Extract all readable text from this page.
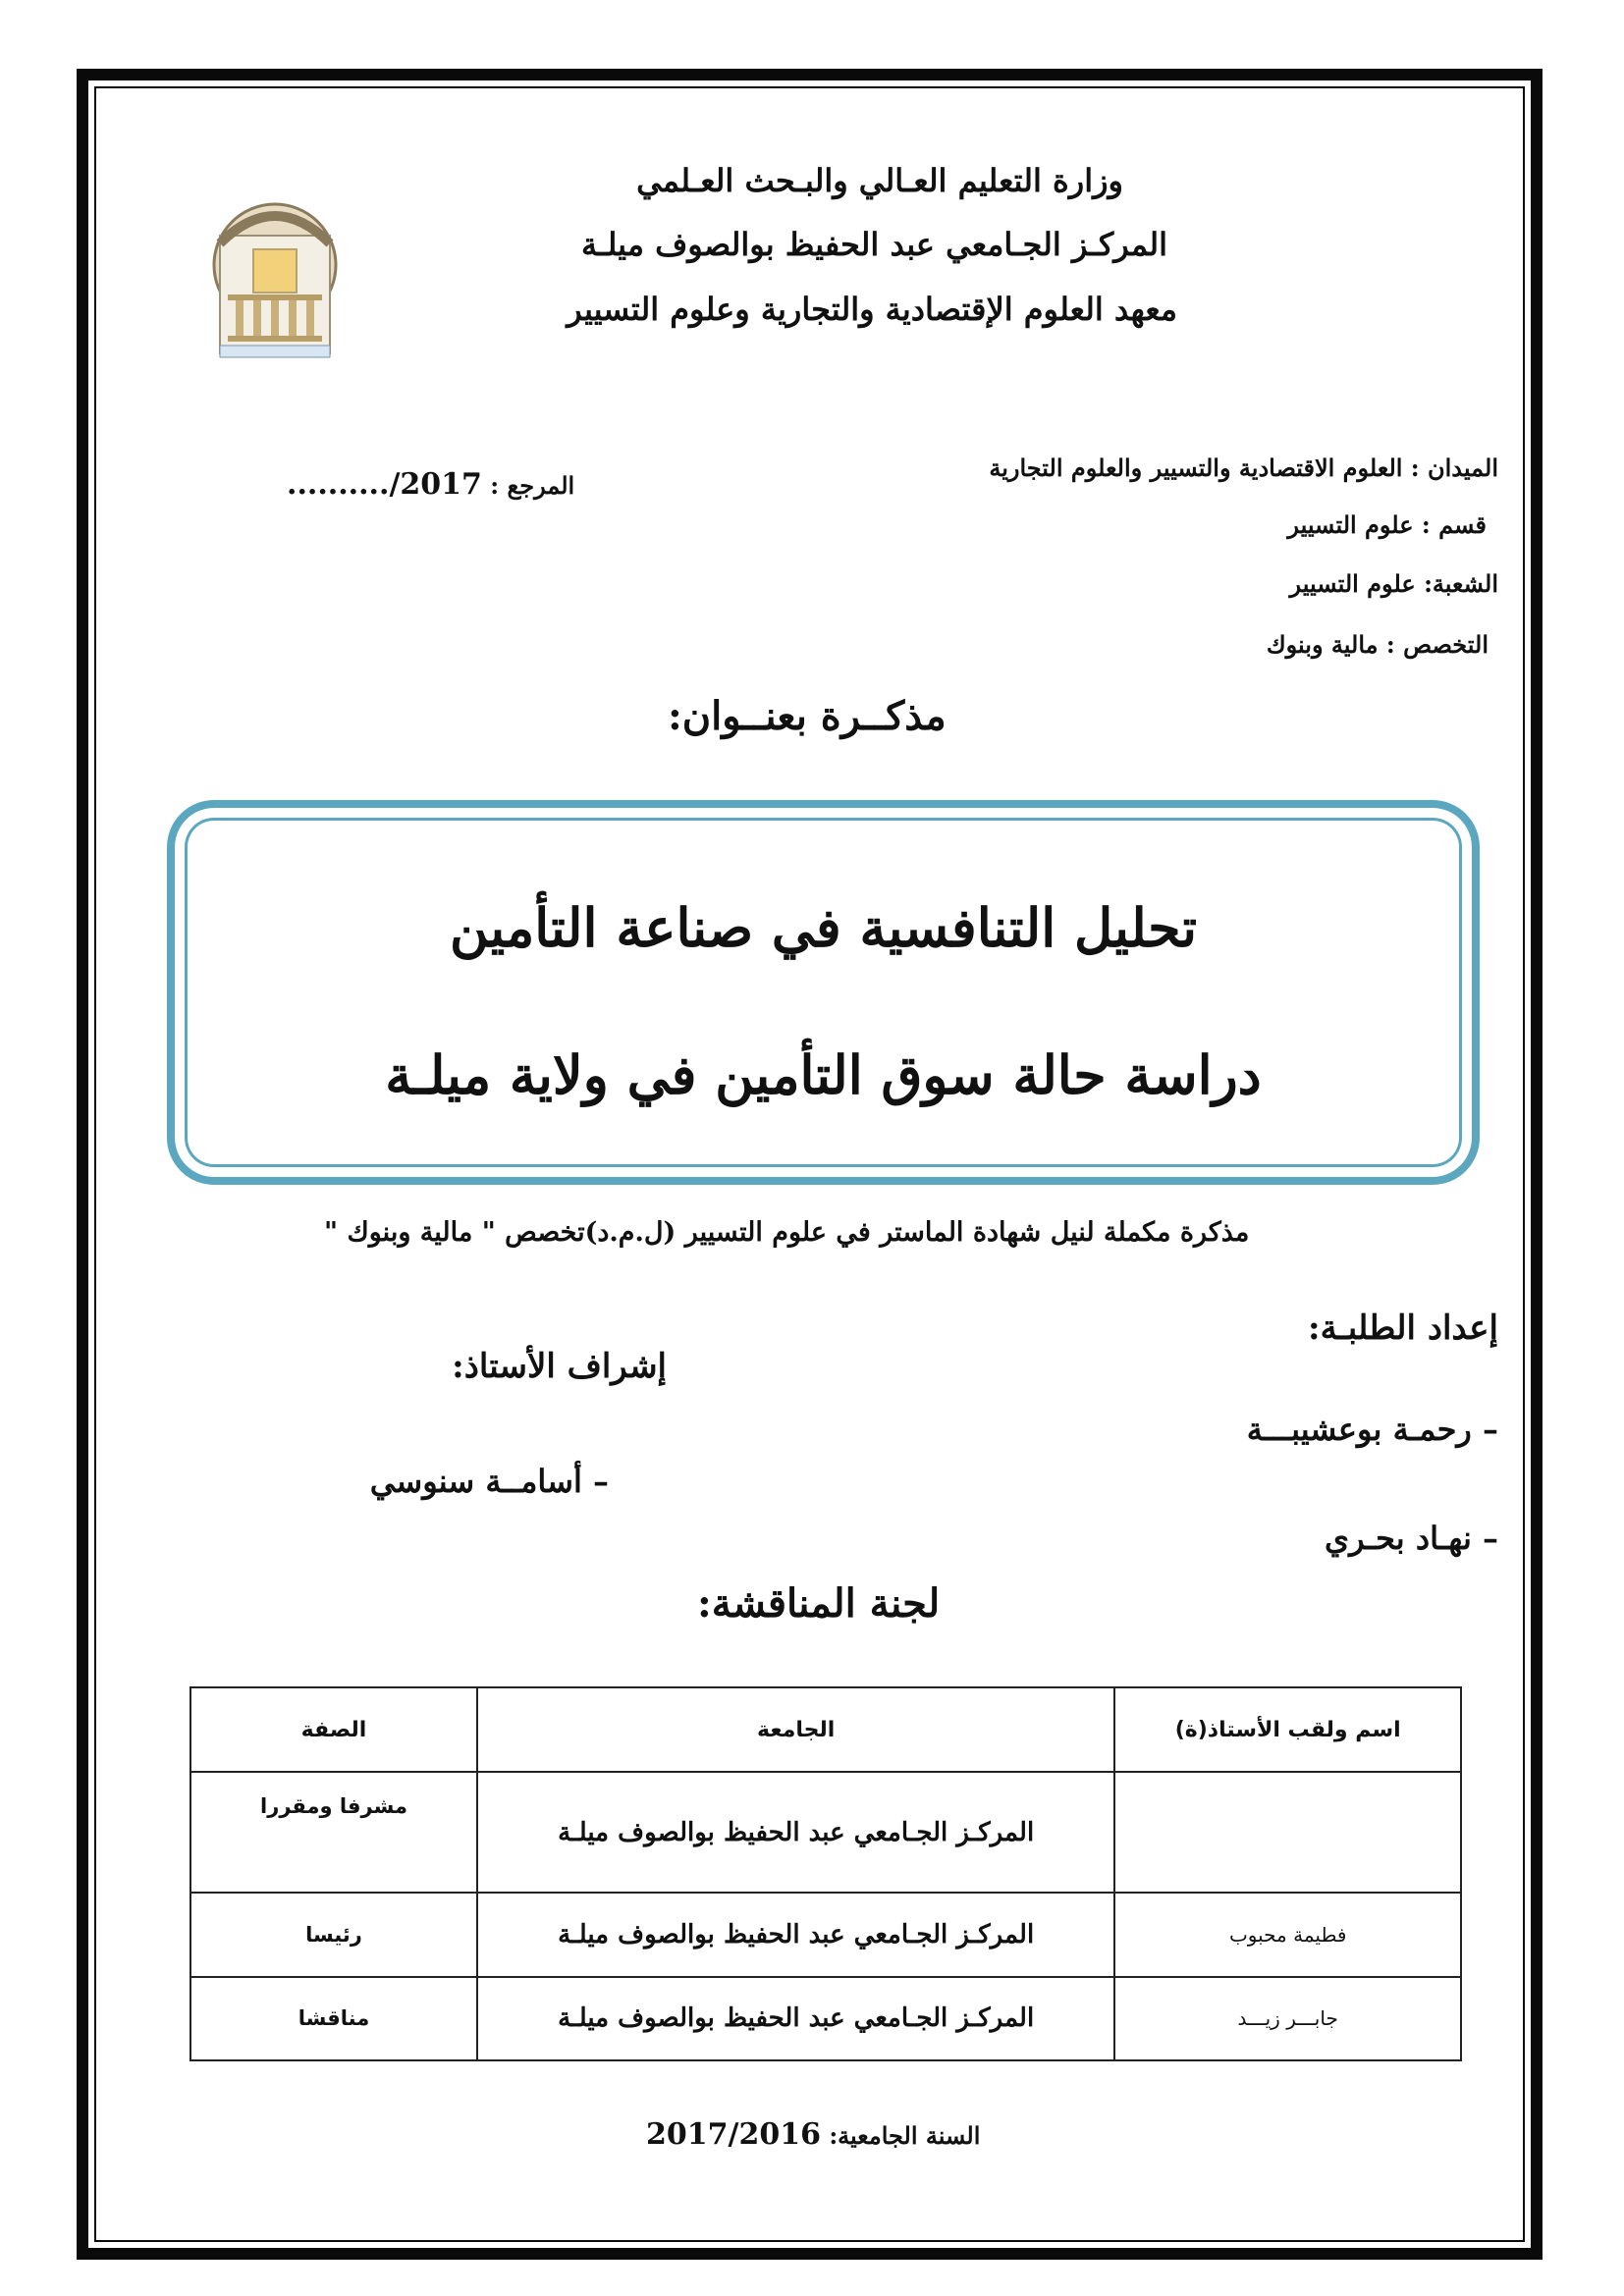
وزارة التعليم العـالي والبـحث العـلمي
المركـز الجـامعي عبد الحفيظ بوالصوف ميلـة
معهد العلوم الإقتصادية والتجارية وعلوم التسيير
الميدان : العلوم الاقتصادية والتسيير والعلوم التجارية
قسم : علوم التسيير
الشعبة: علوم التسيير
التخصص : مالية وبنوك
المرجع : ........../2017
مذكــرة بعنــوان:
تحليل التنافسية في صناعة التأمين
دراسة حالة سوق التأمين في ولاية ميلـة
مذكرة مكملة لنيل شهادة الماستر في علوم التسيير (ل.م.د)تخصص " مالية وبنوك "
إعداد الطلبـة:
إشراف الأستاذ:
– رحمـة بوعشيبـــة
– نهـاد بحـري
– أسامــة سنوسي
لجنة المناقشة:
اسم ولقب الأستاذ(ة)	الجامعة	الصفة
	المركـز الجـامعي عبد الحفيظ بوالصوف ميلـة	مشرفا ومقررا
فطيمة محبوب	المركـز الجـامعي عبد الحفيظ بوالصوف ميلـة	رئيسا
جابـــر زيـــد	المركـز الجـامعي عبد الحفيظ بوالصوف ميلـة	مناقشا
السنة الجامعية: 2017/2016
